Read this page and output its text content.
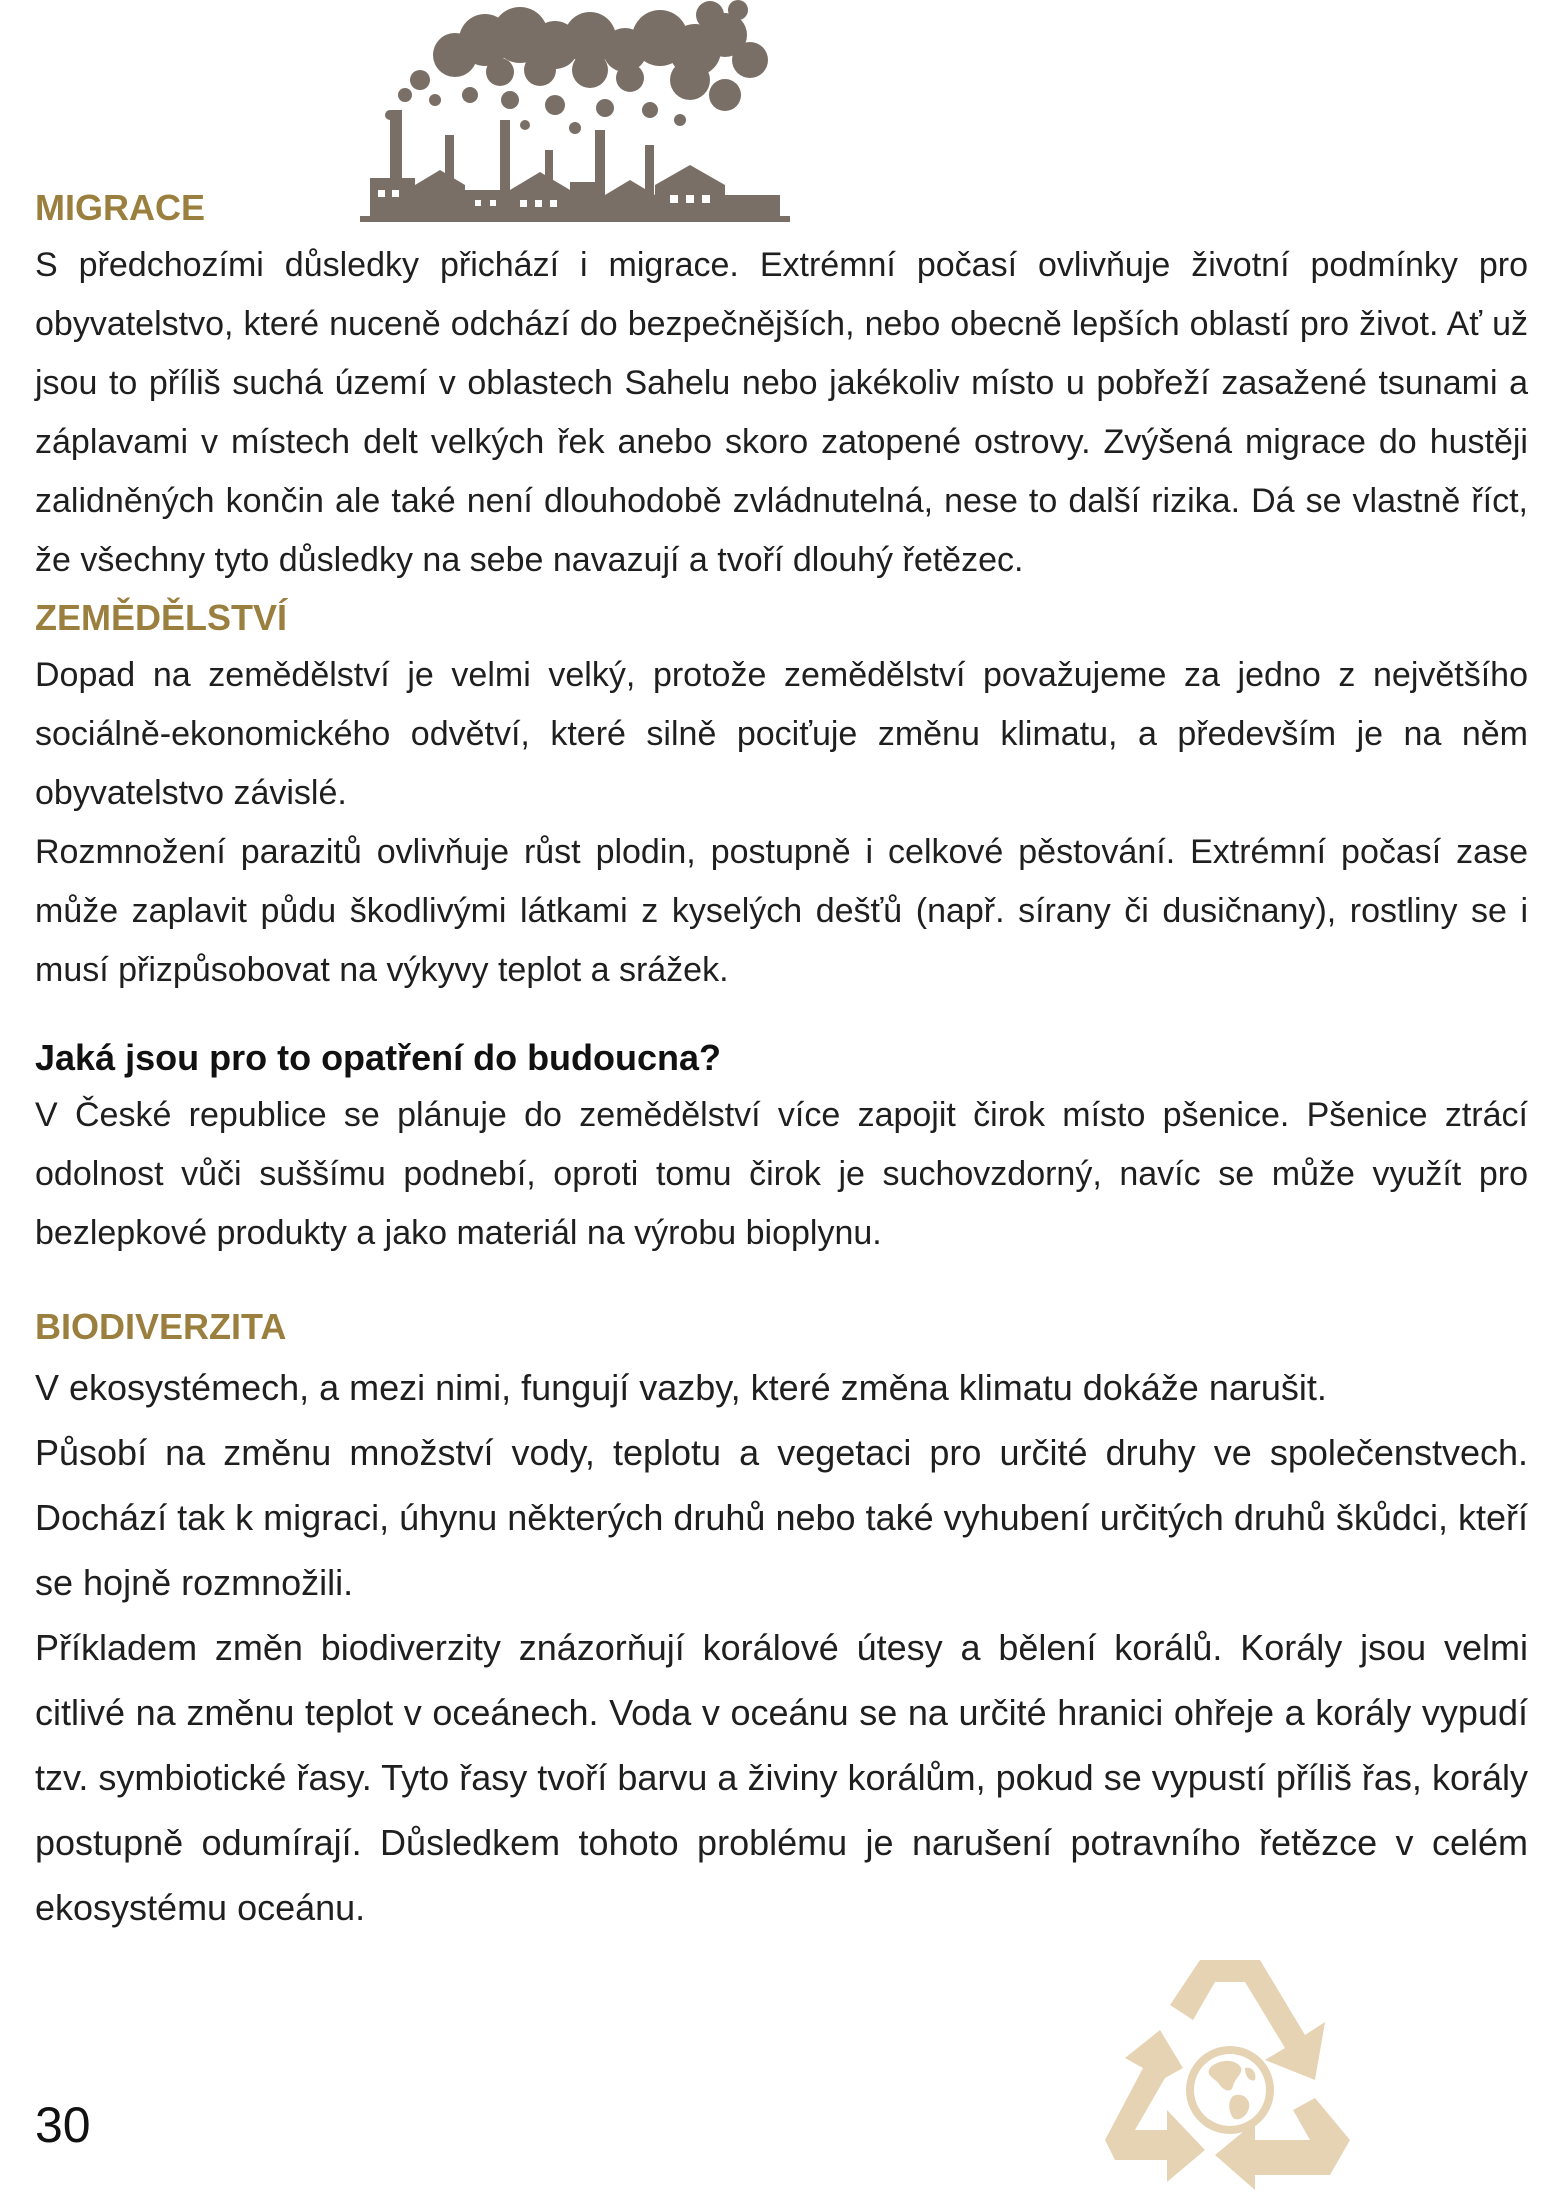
MIGRACE

S předchozími důsledky přichází i migrace. Extrémní počasí ovlivňuje životní podmínky pro obyvatelstvo, které nuceně odchází do bezpečnějších, nebo obecně lepších oblastí pro život. Ať už jsou to příliš suchá území v oblastech Sahelu nebo jakékoliv místo u pobřeží zasažené tsunami a záplavami v místech delt velkých řek anebo skoro zatopené ostrovy. Zvýšená migrace do hustěji zalidněných končin ale také není dlouhodobě zvládnutelná, nese to další rizika. Dá se vlastně říct, že všechny tyto důsledky na sebe navazují a tvoří dlouhý řetězec.

ZEMĚDĚLSTVÍ

Dopad na zemědělství je velmi velký, protože zemědělství považujeme za jedno z největšího sociálně-ekonomického odvětví, které silně pociťuje změnu klimatu, a především je na něm obyvatelstvo závislé.

Rozmnožení parazitů ovlivňuje růst plodin, postupně i celkové pěstování. Extrémní počasí zase může zaplavit půdu škodlivými látkami z kyselých dešťů (např. sírany či dusičnany), rostliny se i musí přizpůsobovat na výkyvy teplot a srážek.

Jaká jsou pro to opatření do budoucna?

V České republice se plánuje do zemědělství více zapojit čirok místo pšenice. Pšenice ztrácí odolnost vůči suššímu podnebí, oproti tomu čirok je suchovzdorný, navíc se může využít pro bezlepkové produkty a jako materiál na výrobu bioplynu.

BIODIVERZITA

V ekosystémech, a mezi nimi, fungují vazby, které změna klimatu dokáže narušit.

Působí na změnu množství vody, teplotu a vegetaci pro určité druhy ve společenstvech. Dochází tak k migraci, úhynu některých druhů nebo také vyhubení určitých druhů škůdci, kteří se hojně rozmnožili.

Příkladem změn biodiverzity znázorňují korálové útesy a bělení korálů. Korály jsou velmi citlivé na změnu teplot v oceánech. Voda v oceánu se na určité hranici ohřeje a korály vypudí tzv. symbiotické řasy. Tyto řasy tvoří barvu a živiny korálům, pokud se vypustí příliš řas, korály postupně odumírají. Důsledkem tohoto problému je narušení potravního řetězce v celém ekosystému oceánu.

30
